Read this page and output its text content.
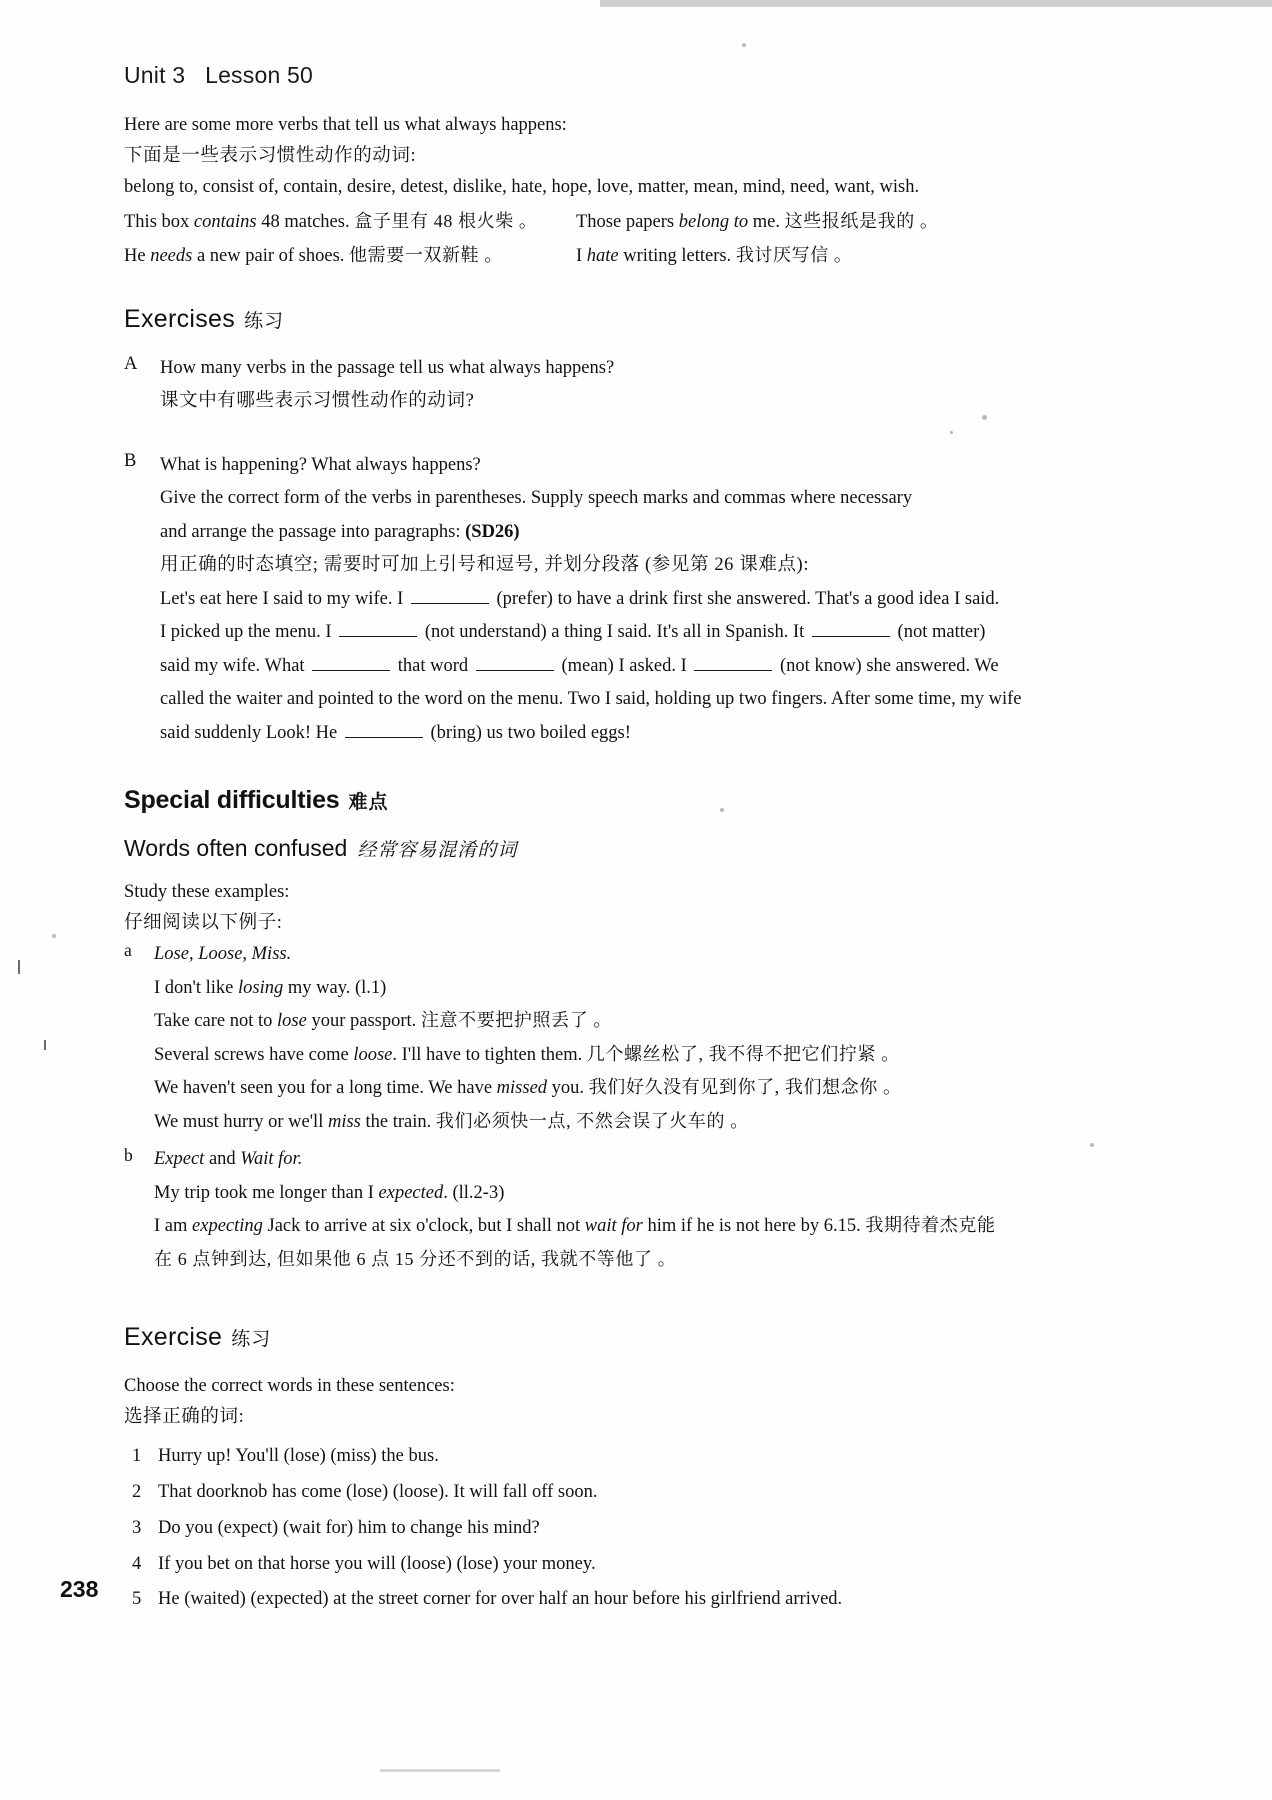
Unit 3 Lesson 50

Here are some more verbs that tell us what always happens:

下面是一些表示习惯性动作的动词:

belong to, consist of, contain, desire, detest, dislike, hate, hope, love, matter, mean, mind, need, want, wish.

This box contains 48 matches. 盒子里有 48 根火柴 。	Those papers belong to me. 这些报纸是我的 。
He needs a new pair of shoes. 他需要一双新鞋 。	I hate writing letters. 我讨厌写信 。
Exercises 练习
A	How many verbs in the passage tell us what always happens?

课文中有哪些表示习惯性动作的动词?

B	What is happening? What always happens?

Give the correct form of the verbs in parentheses. Supply speech marks and commas where necessary

and arrange the passage into paragraphs: (SD26)

用正确的时态填空; 需要时可加上引号和逗号, 并划分段落 (参见第 26 课难点):

Let's eat here I said to my wife. I	(prefer) to have a drink first she answered. That's a good idea I said.

I picked up the menu. I	(not understand) a thing I said. It's all in Spanish. It	(not matter)

said my wife. What	that word	(mean) I asked. I	(not know) she answered. We

called the waiter and pointed to the word on the menu. Two I said, holding up two fingers. After some time, my wife

said suddenly Look! He	(bring) us two boiled eggs!

Special difficulties 难点
Words often confused 经常容易混淆的词

Study these examples:

仔细阅读以下例子:

a	Lose, Loose, Miss.

I don't like losing my way. (l.1)

Take care not to lose your passport. 注意不要把护照丢了 。

Several screws have come loose. I'll have to tighten them. 几个螺丝松了, 我不得不把它们拧紧 。

We haven't seen you for a long time. We have missed you. 我们好久没有见到你了, 我们想念你 。

We must hurry or we'll miss the train. 我们必须快一点, 不然会误了火车的 。

b	Expect and Wait for.

My trip took me longer than I expected. (ll.2-3)

I am expecting Jack to arrive at six o'clock, but I shall not wait for him if he is not here by 6.15. 我期待着杰克能

在 6 点钟到达, 但如果他 6 点 15 分还不到的话, 我就不等他了 。

Exercise 练习

Choose the correct words in these sentences:

选择正确的词:

1 Hurry up! You'll (lose) (miss) the bus.
2 That doorknob has come (lose) (loose). It will fall off soon.
3 Do you (expect) (wait for) him to change his mind?
4 If you bet on that horse you will (loose) (lose) your money.
5 He (waited) (expected) at the street corner for over half an hour before his girlfriend arrived.
238
